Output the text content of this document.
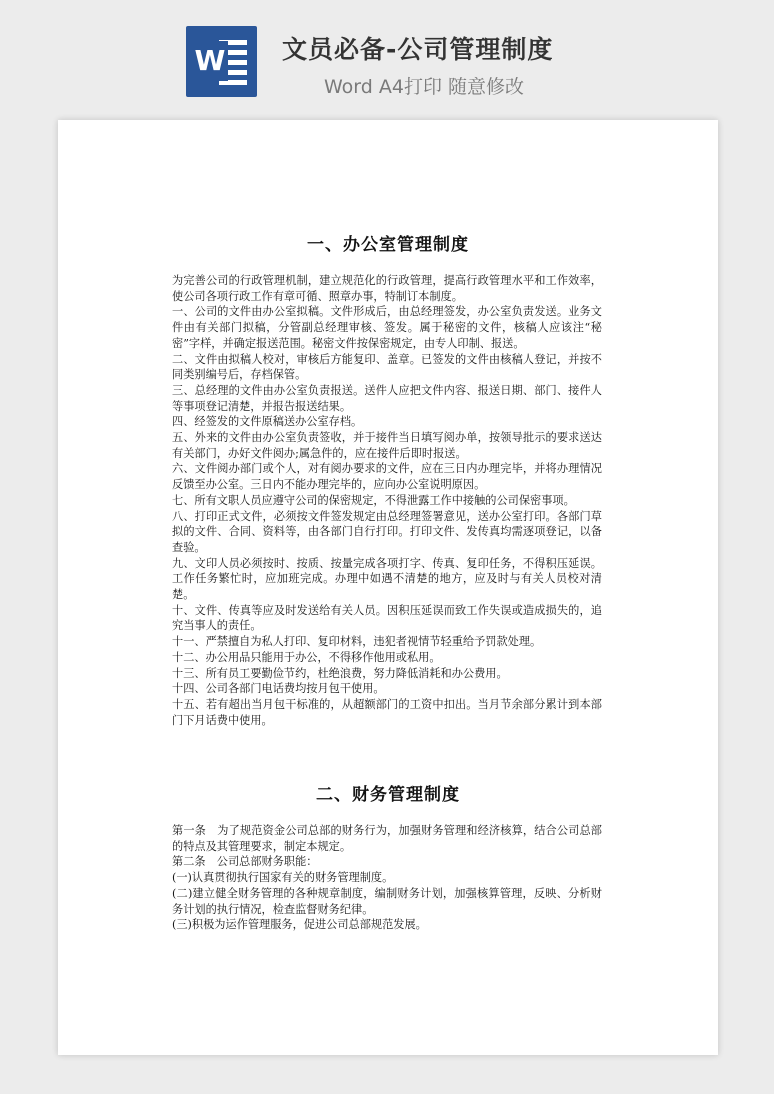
W 文员必备-公司管理制度
Word A4打印 随意修改
一、办公室管理制度

为完善公司的行政管理机制，建立规范化的行政管理，提高行政管理水平和工作效率，使公司各项行政工作有章可循、照章办事，特制订本制度。

一、公司的文件由办公室拟稿。文件形成后，由总经理签发，办公室负责发送。业务文件由有关部门拟稿，分管副总经理审核、签发。属于秘密的文件，核稿人应该注“秘密”字样，并确定报送范围。秘密文件按保密规定，由专人印制、报送。

二、文件由拟稿人校对，审核后方能复印、盖章。已签发的文件由核稿人登记，并按不同类别编号后，存档保管。

三、总经理的文件由办公室负责报送。送件人应把文件内容、报送日期、部门、接件人等事项登记清楚，并报告报送结果。

四、经签发的文件原稿送办公室存档。

五、外来的文件由办公室负责签收，并于接件当日填写阅办单，按领导批示的要求送达有关部门，办好文件阅办;属急件的，应在接件后即时报送。

六、文件阅办部门或个人，对有阅办要求的文件，应在三日内办理完毕，并将办理情况反馈至办公室。三日内不能办理完毕的，应向办公室说明原因。

七、所有文职人员应遵守公司的保密规定，不得泄露工作中接触的公司保密事项。

八、打印正式文件，必须按文件签发规定由总经理签署意见，送办公室打印。各部门草拟的文件、合同、资料等，由各部门自行打印。打印文件、发传真均需逐项登记，以备查验。

九、文印人员必须按时、按质、按量完成各项打字、传真、复印任务，不得积压延误。工作任务繁忙时，应加班完成。办理中如遇不清楚的地方，应及时与有关人员校对清楚。

十、文件、传真等应及时发送给有关人员。因积压延误而致工作失误或造成损失的，追究当事人的责任。

十一、严禁擅自为私人打印、复印材料，违犯者视情节轻重给予罚款处理。

十二、办公用品只能用于办公，不得移作他用或私用。

十三、所有员工要勤俭节约，杜绝浪费，努力降低消耗和办公费用。

十四、公司各部门电话费均按月包干使用。

十五、若有超出当月包干标准的，从超额部门的工资中扣出。当月节余部分累计到本部门下月话费中使用。

二、财务管理制度

第一条　为了规范资金公司总部的财务行为，加强财务管理和经济核算，结合公司总部的特点及其管理要求，制定本规定。

第二条　公司总部财务职能：

(一)认真贯彻执行国家有关的财务管理制度。

(二)建立健全财务管理的各种规章制度，编制财务计划，加强核算管理，反映、分析财务计划的执行情况，检查监督财务纪律。

(三)积极为运作管理服务，促进公司总部规范发展。
